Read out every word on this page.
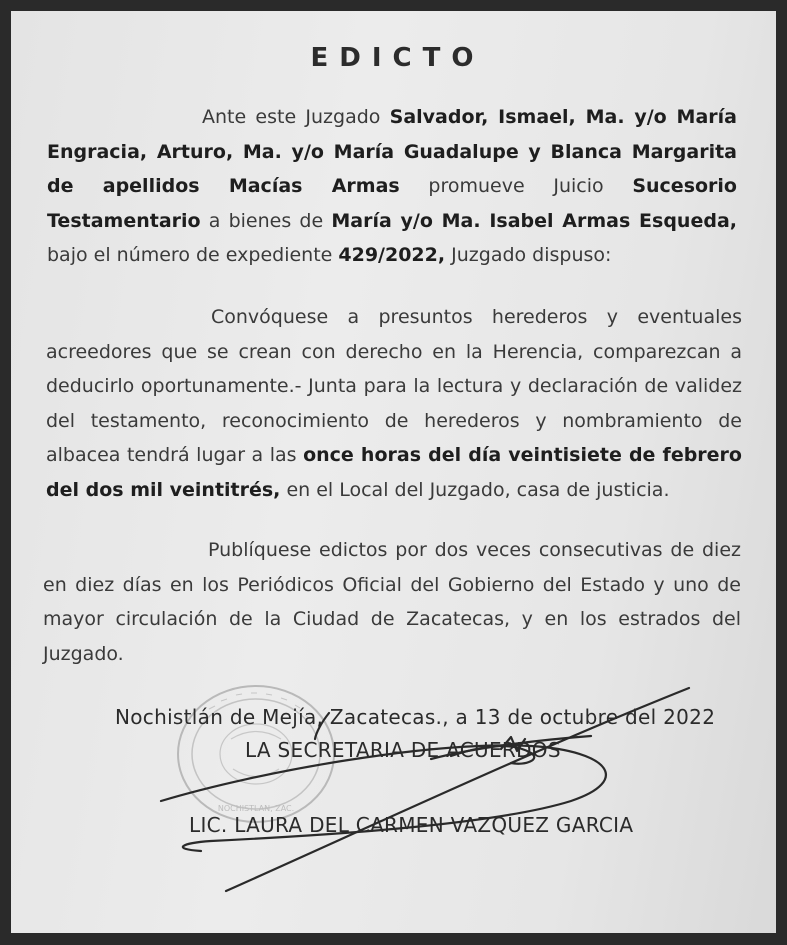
EDICTO
Ante este Juzgado Salvador, Ismael, Ma. y/o María Engracia, Arturo, Ma. y/o María Guadalupe y Blanca Margarita de apellidos Macías Armas promueve Juicio Sucesorio Testamentario a bienes de María y/o Ma. Isabel Armas Esqueda, bajo el número de expediente 429/2022, Juzgado dispuso:
Convóquese a presuntos herederos y eventuales acreedores que se crean con derecho en la Herencia, comparezcan a deducirlo oportunamente.- Junta para la lectura y declaración de validez del testamento, reconocimiento de herederos y nombramiento de albacea tendrá lugar a las once horas del día veintisiete de febrero del dos mil veintitrés, en el Local del Juzgado, casa de justicia.
Publíquese edictos por dos veces consecutivas de diez en diez días en los Periódicos Oficial del Gobierno del Estado y uno de mayor circulación de la Ciudad de Zacatecas, y en los estrados del Juzgado.
NOCHISTLAN, ZAC.
Nochistlán de Mejía, Zacatecas., a 13 de octubre del 2022
LA SECRETARIA DE ACUERDOS
LIC. LAURA DEL CARMEN VAZQUEZ GARCIA
